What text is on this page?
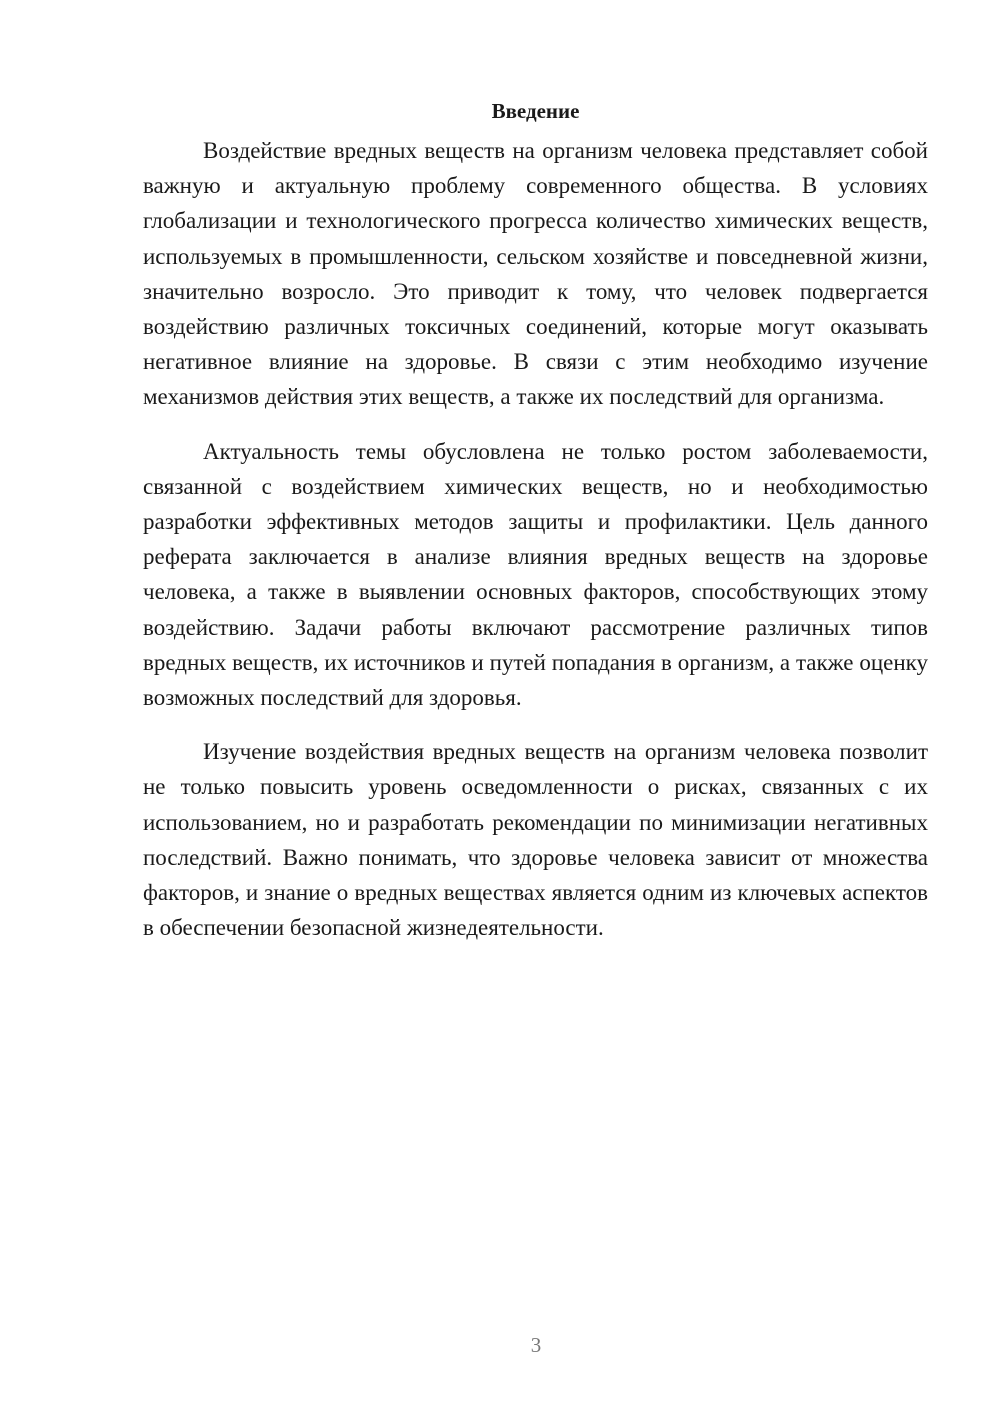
Введение

Воздействие вредных веществ на организм человека представляет собой важную и актуальную проблему современного общества. В условиях глобализации и технологического прогресса количество химических веществ, используемых в промышленности, сельском хозяйстве и повседневной жизни, значительно возросло. Это приводит к тому, что человек подвергается воздействию различных токсичных соединений, которые могут оказывать негативное влияние на здоровье. В связи с этим необходимо изучение механизмов действия этих веществ, а также их последствий для организма.

Актуальность темы обусловлена не только ростом заболеваемости, связанной с воздействием химических веществ, но и необходимостью разработки эффективных методов защиты и профилактики. Цель данного реферата заключается в анализе влияния вредных веществ на здоровье человека, а также в выявлении основных факторов, способствующих этому воздействию. Задачи работы включают рассмотрение различных типов вредных веществ, их источников и путей попадания в организм, а также оценку возможных последствий для здоровья.

Изучение воздействия вредных веществ на организм человека позволит не только повысить уровень осведомленности о рисках, связанных с их использованием, но и разработать рекомендации по минимизации негативных последствий. Важно понимать, что здоровье человека зависит от множества факторов, и знание о вредных веществах является одним из ключевых аспектов в обеспечении безопасной жизнедеятельности.

3
